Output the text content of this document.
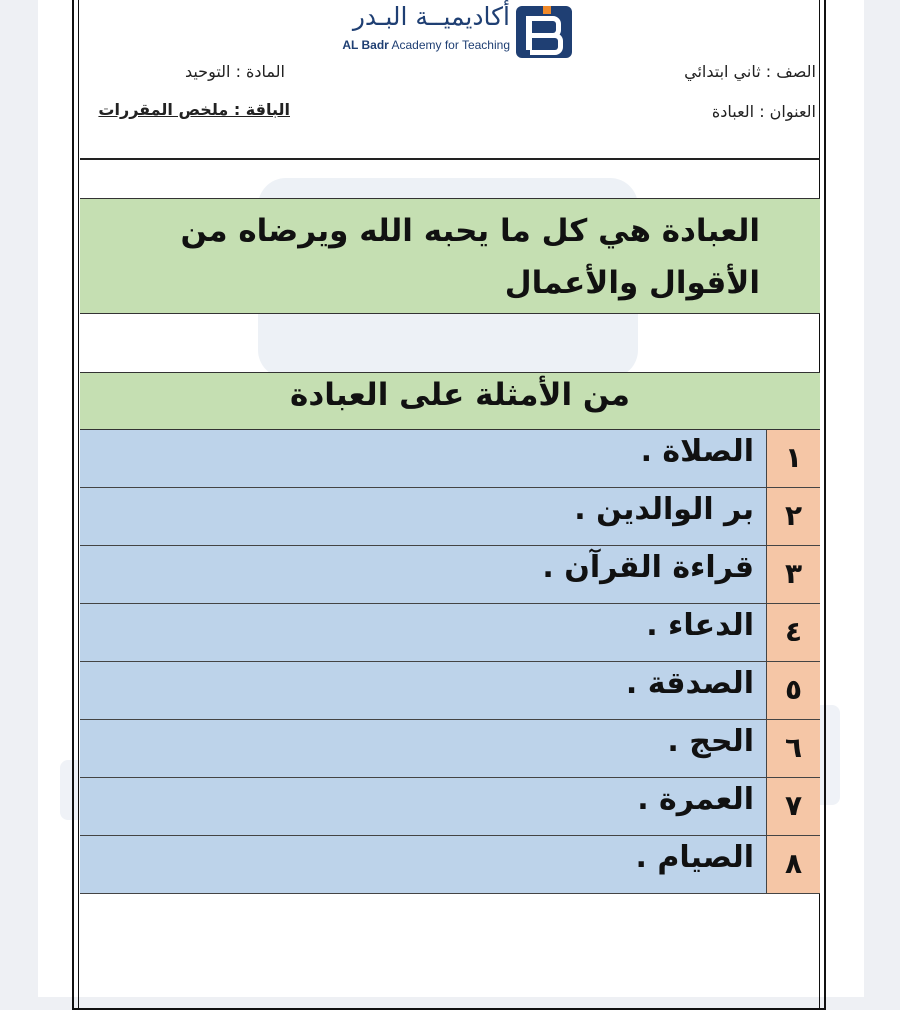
أكاديميــة البـدر
AL Badr Academy for Teaching
الصف : ثاني ابتدائي
المادة : التوحيد
العنوان : العبادة
الباقة : ملخص المقررات
العبادة هي كل ما يحبه الله ويرضاه من الأقوال والأعمال
من الأمثلة على العبادة
١
الصلاة .
٢
بر الوالدين .
٣
قراءة القرآن .
٤
الدعاء .
٥
الصدقة .
٦
الحج .
٧
العمرة .
٨
الصيام .
